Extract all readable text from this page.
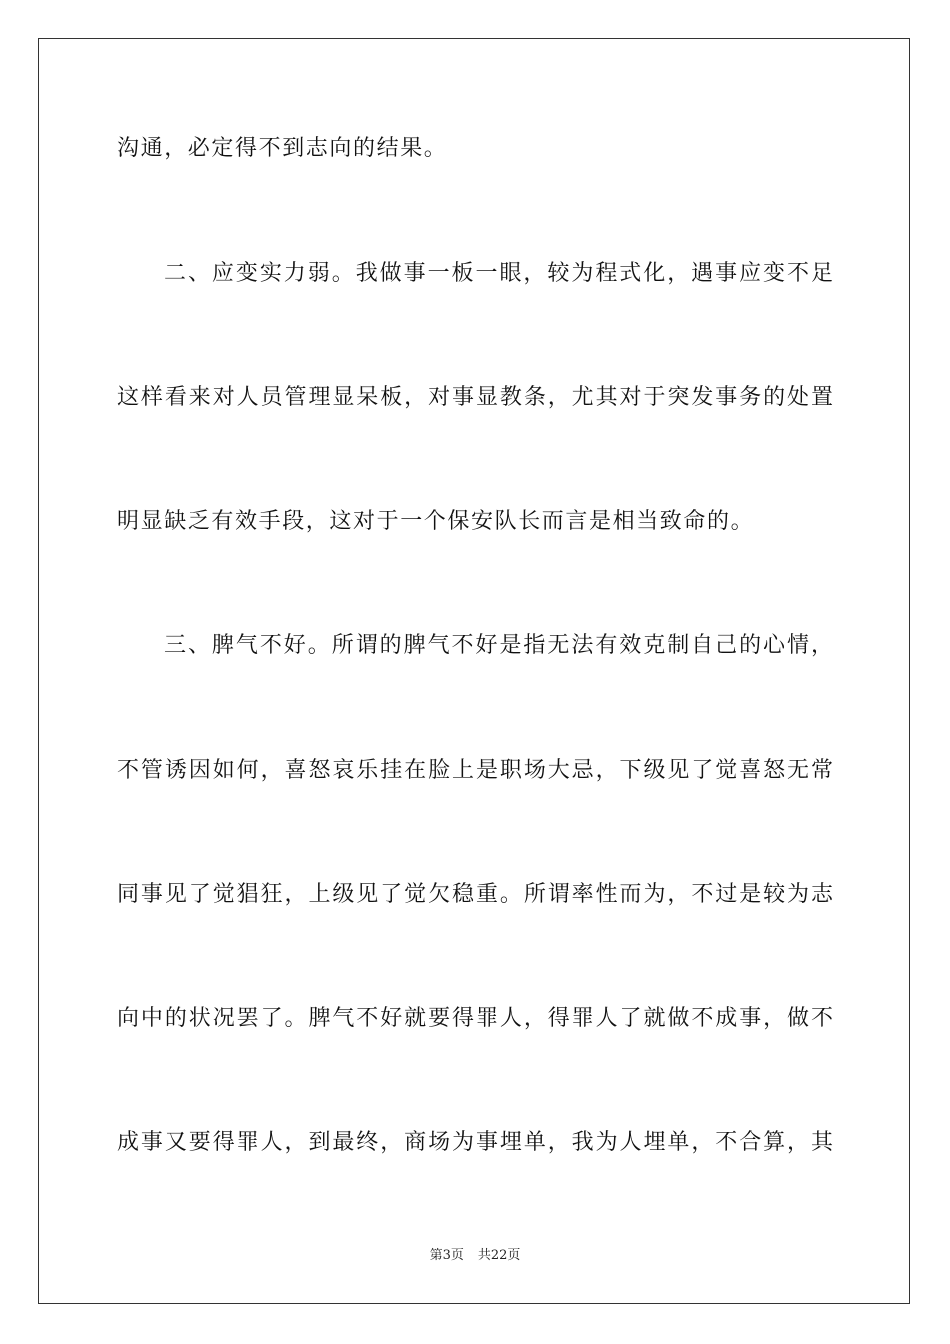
沟通，必定得不到志向的结果。
二、应变实力弱。我做事一板一眼，较为程式化，遇事应变不足
这样看来对人员管理显呆板，对事显教条，尤其对于突发事务的处置
明显缺乏有效手段，这对于一个保安队长而言是相当致命的。
三、脾气不好。所谓的脾气不好是指无法有效克制自己的心情，
不管诱因如何，喜怒哀乐挂在脸上是职场大忌，下级见了觉喜怒无常
同事见了觉猖狂，上级见了觉欠稳重。所谓率性而为，不过是较为志
向中的状况罢了。脾气不好就要得罪人，得罪人了就做不成事，做不
成事又要得罪人，到最终，商场为事埋单，我为人埋单，不合算，其
第3页 共22页
